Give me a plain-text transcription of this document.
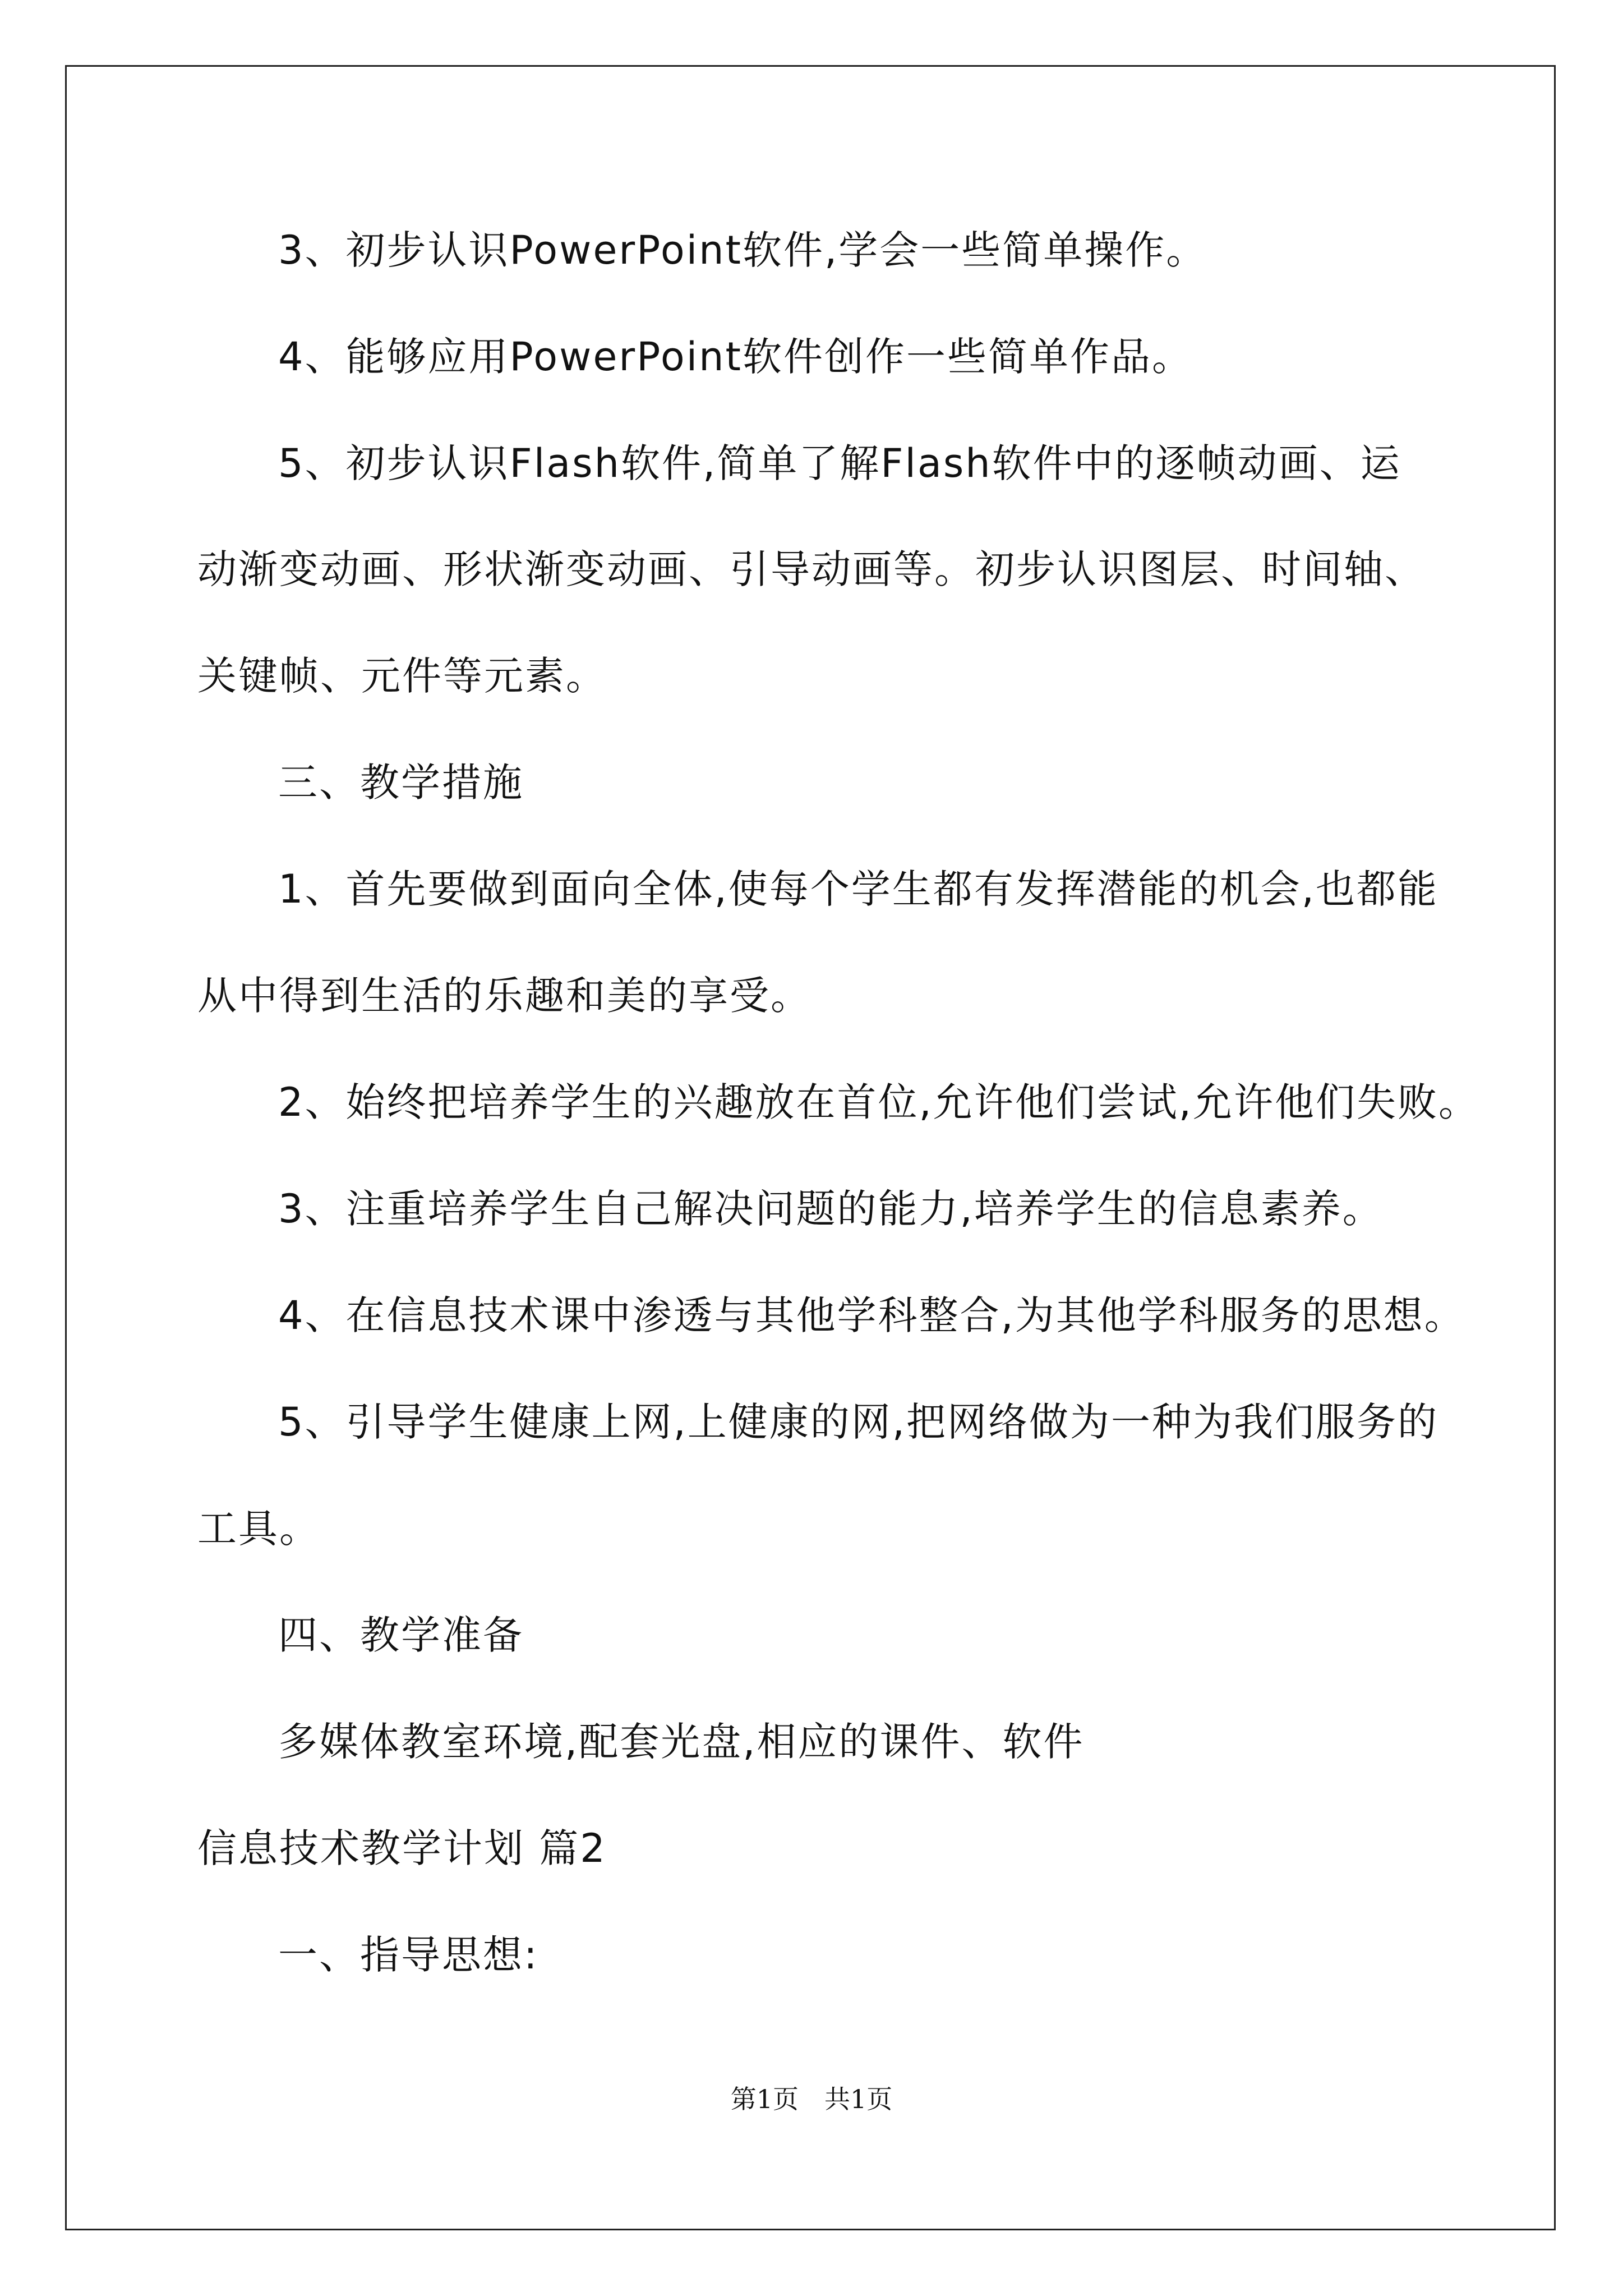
3、初步认识PowerPoint软件,学会一些简单操作。
4、能够应用PowerPoint软件创作一些简单作品。
5、初步认识Flash软件,简单了解Flash软件中的逐帧动画、运
动渐变动画、形状渐变动画、引导动画等。初步认识图层、时间轴、
关键帧、元件等元素。
三、教学措施
1、首先要做到面向全体,使每个学生都有发挥潜能的机会,也都能
从中得到生活的乐趣和美的享受。
2、始终把培养学生的兴趣放在首位,允许他们尝试,允许他们失败。
3、注重培养学生自己解决问题的能力,培养学生的信息素养。
4、在信息技术课中渗透与其他学科整合,为其他学科服务的思想。
5、引导学生健康上网,上健康的网,把网络做为一种为我们服务的
工具。
四、教学准备
多媒体教室环境,配套光盘,相应的课件、软件
信息技术教学计划 篇2
一、指导思想:
第1页　共1页
